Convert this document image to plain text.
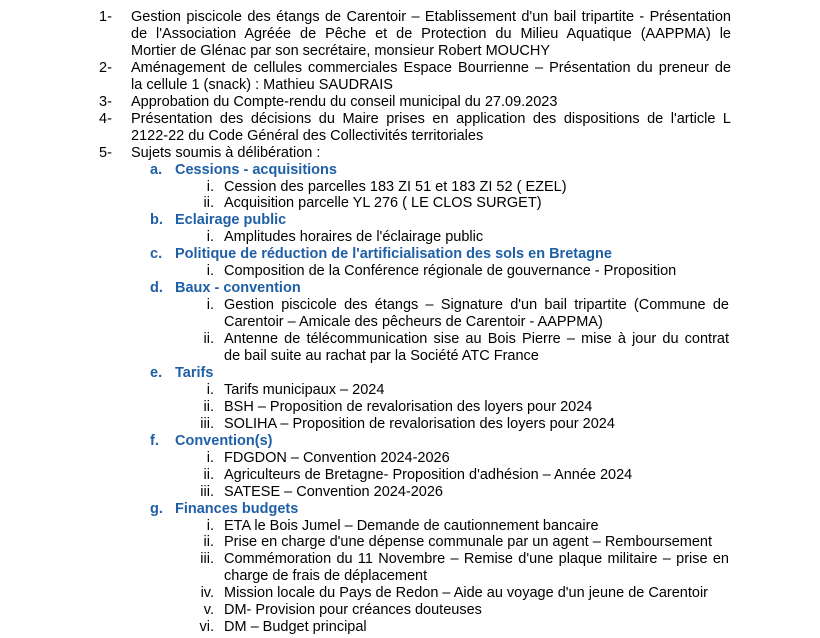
1- Gestion piscicole des étangs de Carentoir – Etablissement d'un bail tripartite - Présentation
de l'Association Agréée de Pêche et de Protection du Milieu Aquatique (AAPPMA) le
Mortier de Glénac par son secrétaire, monsieur Robert MOUCHY
2- Aménagement de cellules commerciales Espace Bourrienne – Présentation du preneur de
la cellule 1 (snack) : Mathieu SAUDRAIS
3- Approbation du Compte-rendu du conseil municipal du 27.09.2023
4- Présentation des décisions du Maire prises en application des dispositions de l'article L
2122-22 du Code Général des Collectivités territoriales
5- Sujets soumis à délibération :
a. Cessions - acquisitions
i. Cession des parcelles 183 ZI 51 et 183 ZI 52 ( EZEL)
ii. Acquisition parcelle YL 276 ( LE CLOS SURGET)
b. Eclairage public
i. Amplitudes horaires de l'éclairage public
c. Politique de réduction de l'artificialisation des sols en Bretagne
i. Composition de la Conférence régionale de gouvernance - Proposition
d. Baux - convention
i. Gestion piscicole des étangs – Signature d'un bail tripartite (Commune de
Carentoir – Amicale des pêcheurs de Carentoir - AAPPMA)
ii. Antenne de télécommunication sise au Bois Pierre – mise à jour du contrat
de bail suite au rachat par la Société ATC France
e. Tarifs
i. Tarifs municipaux – 2024
ii. BSH – Proposition de revalorisation des loyers pour 2024
iii. SOLIHA – Proposition de revalorisation des loyers pour 2024
f. Convention(s)
i. FDGDON – Convention 2024-2026
ii. Agriculteurs de Bretagne- Proposition d'adhésion – Année 2024
iii. SATESE – Convention 2024-2026
g. Finances budgets
i. ETA le Bois Jumel – Demande de cautionnement bancaire
ii. Prise en charge d'une dépense communale par un agent – Remboursement
iii. Commémoration du 11 Novembre – Remise d'une plaque militaire – prise en
charge de frais de déplacement
iv. Mission locale du Pays de Redon – Aide au voyage d'un jeune de Carentoir
v. DM- Provision pour créances douteuses
vi. DM – Budget principal
